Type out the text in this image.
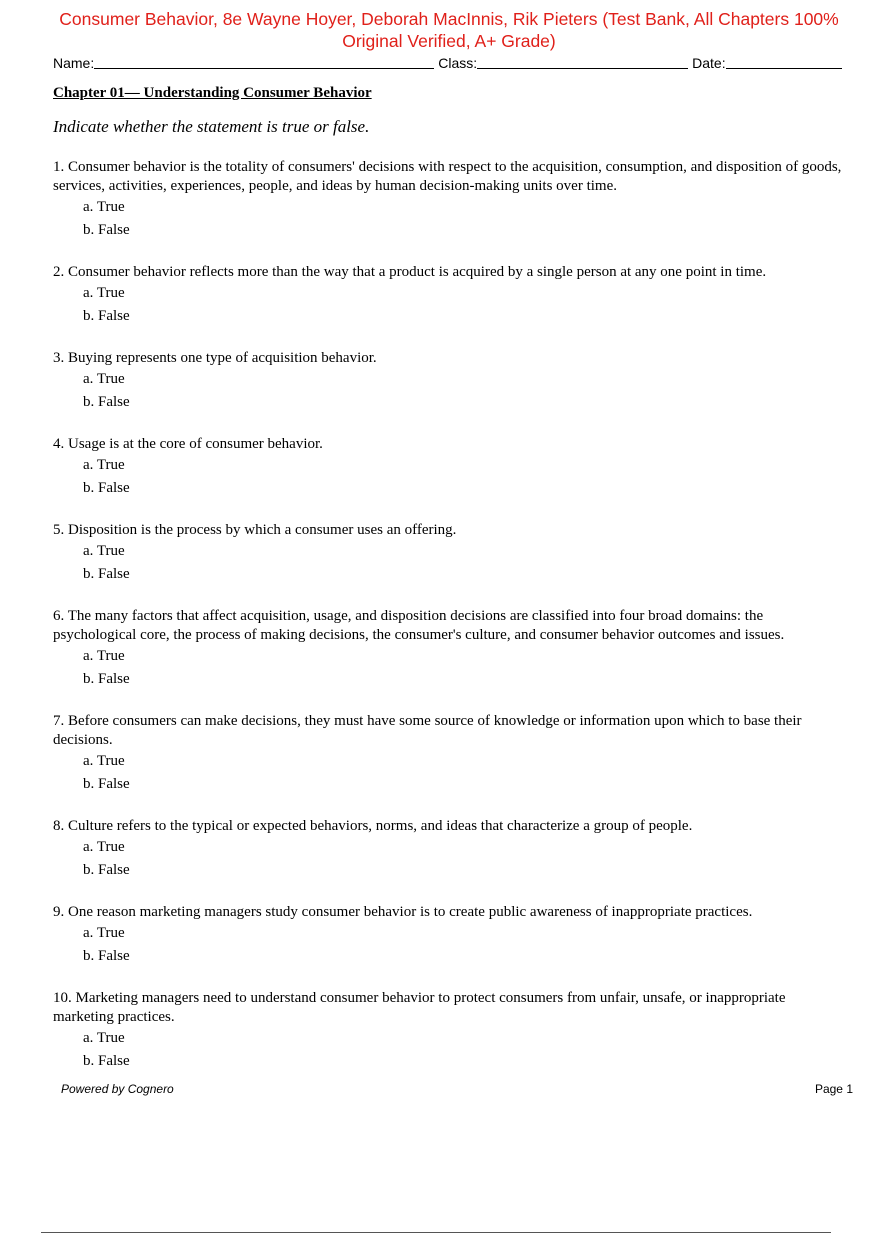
Consumer Behavior, 8e Wayne Hoyer, Deborah MacInnis, Rik Pieters (Test Bank, All Chapters 100%
Original Verified, A+ Grade)
Name:	Class:	Date:
Chapter 01— Understanding Consumer Behavior
Indicate whether the statement is true or false.
1. Consumer behavior is the totality of consumers' decisions with respect to the acquisition, consumption, and disposition of goods, services, activities, experiences, people, and ideas by human decision-making units over time.
a. True
b. False
2. Consumer behavior reflects more than the way that a product is acquired by a single person at any one point in time.
a. True
b. False
3. Buying represents one type of acquisition behavior.
a. True
b. False
4. Usage is at the core of consumer behavior.
a. True
b. False
5. Disposition is the process by which a consumer uses an offering.
a. True
b. False
6. The many factors that affect acquisition, usage, and disposition decisions are classified into four broad domains: the psychological core, the process of making decisions, the consumer's culture, and consumer behavior outcomes and issues.
a. True
b. False
7. Before consumers can make decisions, they must have some source of knowledge or information upon which to base their decisions.
a. True
b. False
8. Culture refers to the typical or expected behaviors, norms, and ideas that characterize a group of people.
a. True
b. False
9. One reason marketing managers study consumer behavior is to create public awareness of inappropriate practices.
a. True
b. False
10. Marketing managers need to understand consumer behavior to protect consumers from unfair, unsafe, or inappropriate marketing practices.
a. True
b. False
Powered by Cognero	Page 1
